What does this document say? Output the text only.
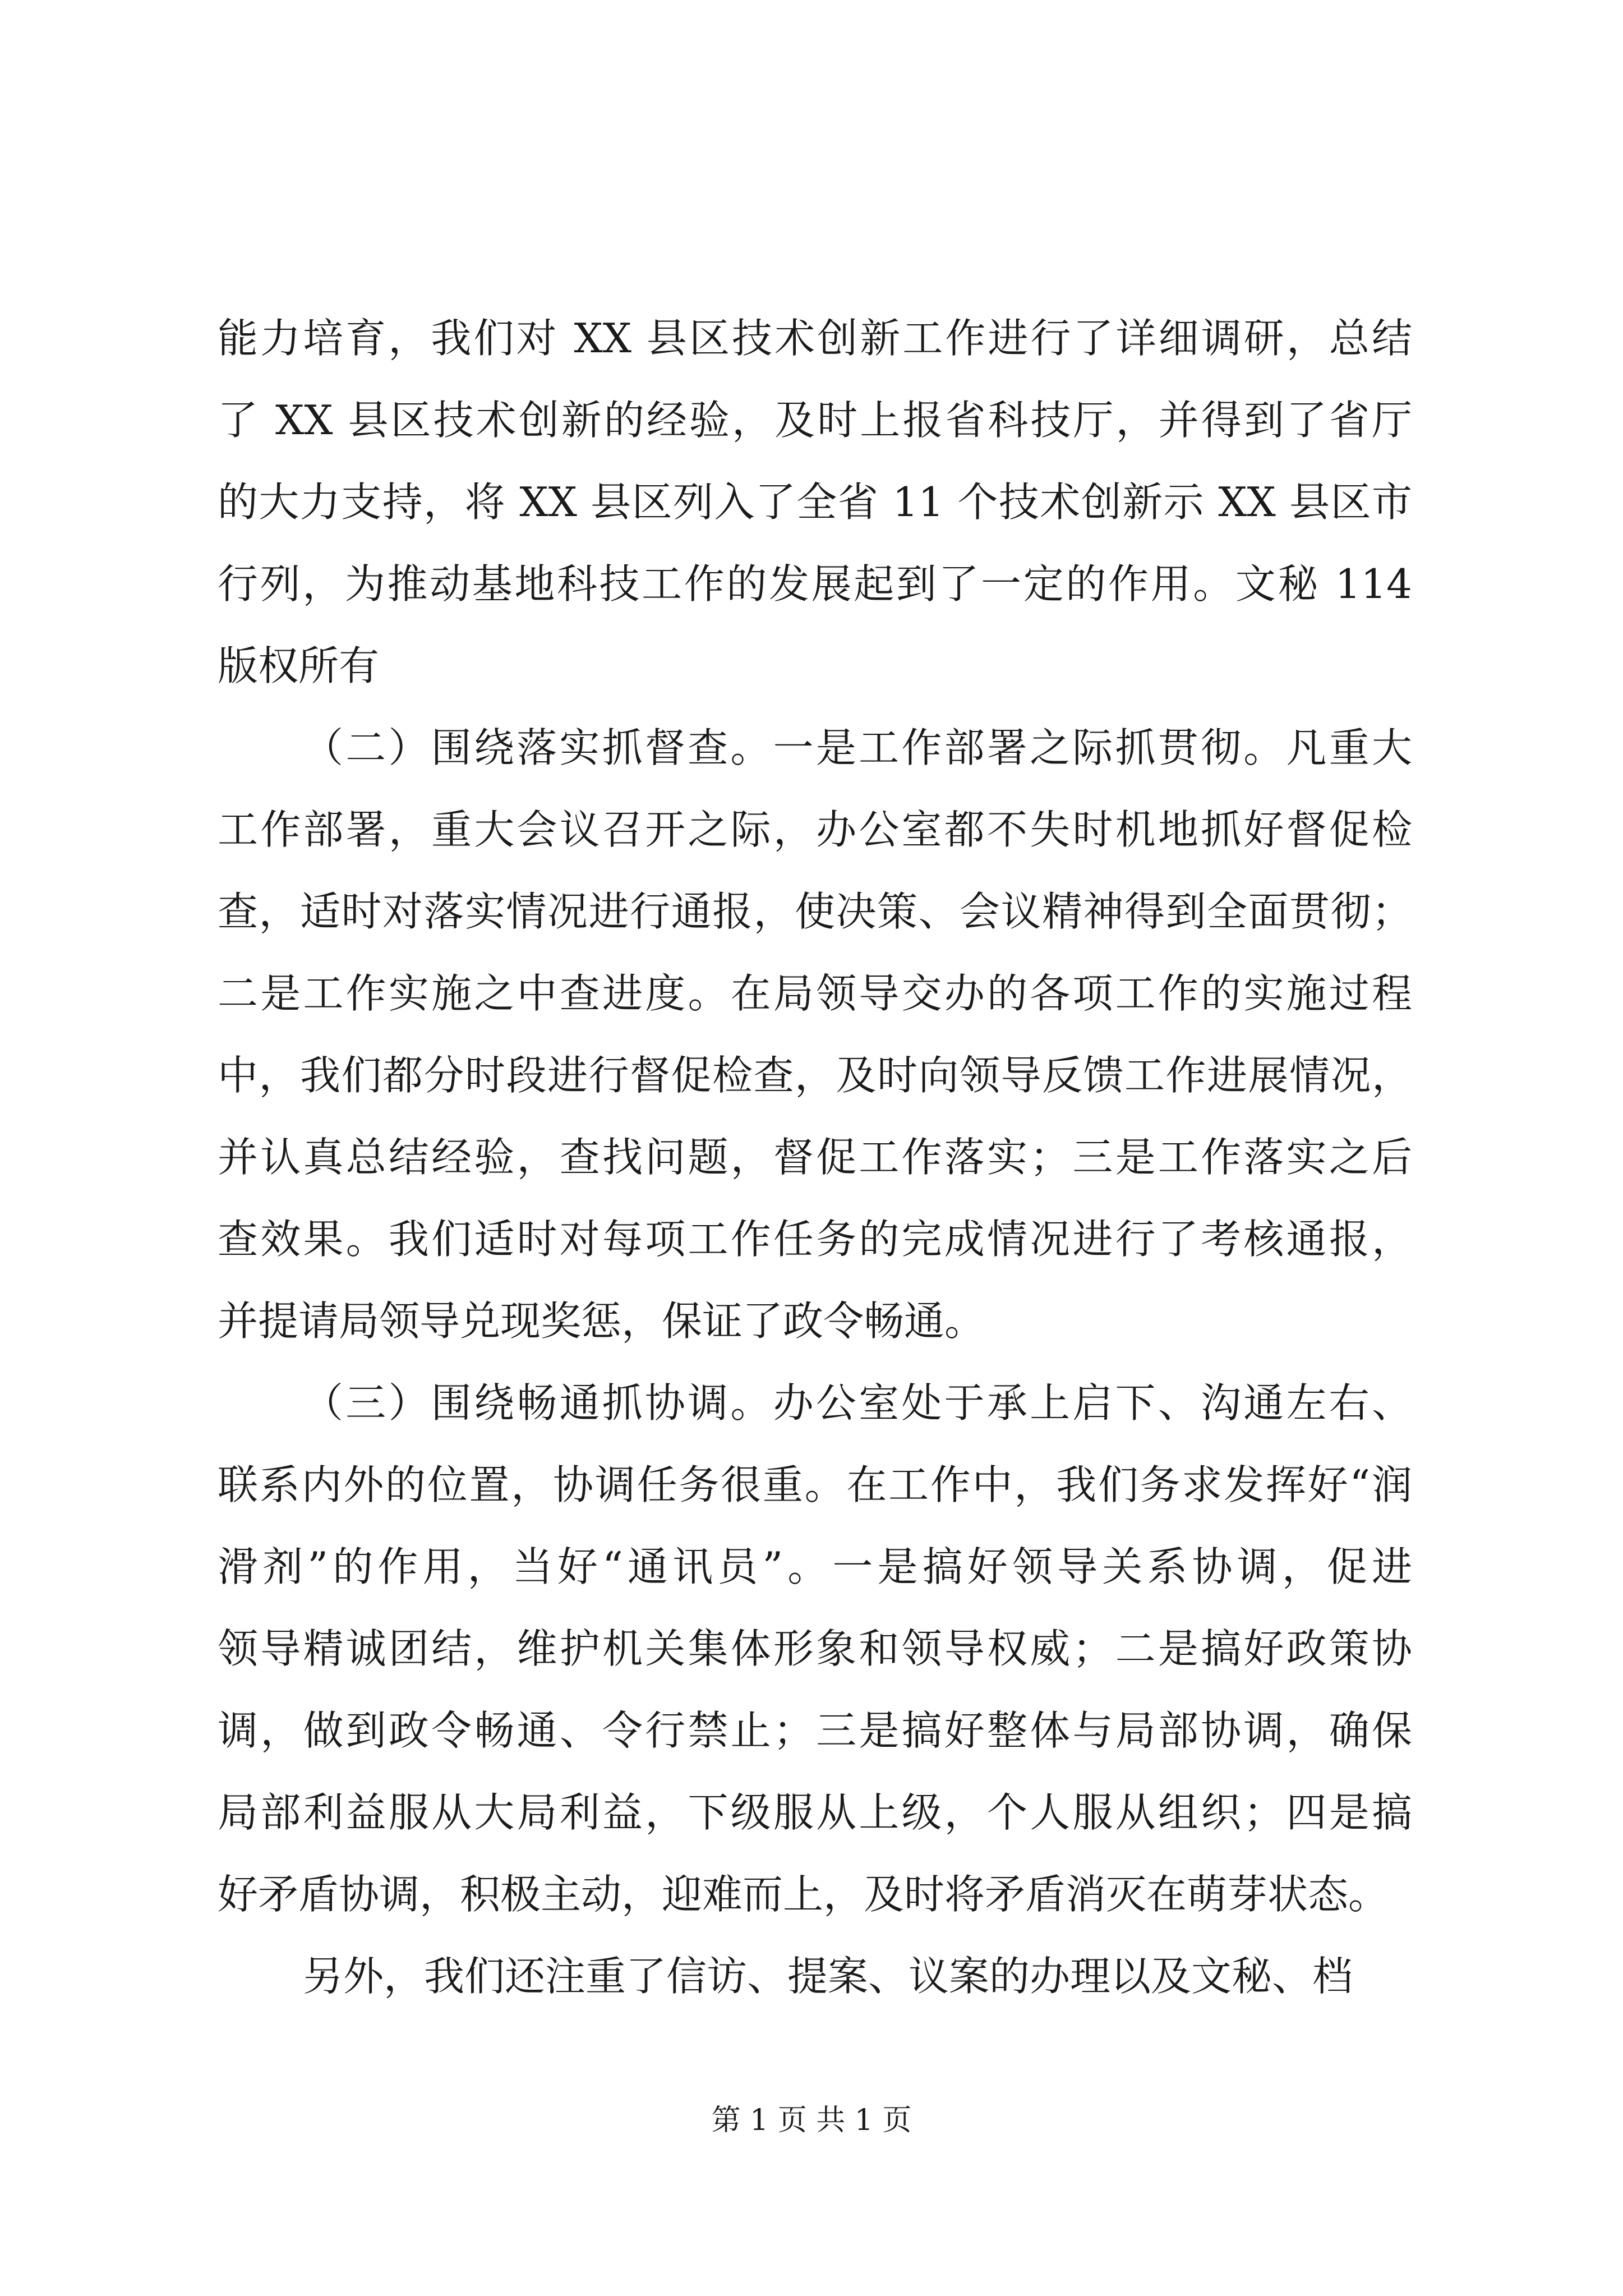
能力培育，我们对 XX 县区技术创新工作进行了详细调研，总结
了 XX 县区技术创新的经验，及时上报省科技厅，并得到了省厅
的大力支持，将 XX 县区列入了全省 11 个技术创新示 XX 县区市
行列，为推动基地科技工作的发展起到了一定的作用。文秘 114
版权所有
（二）围绕落实抓督查。一是工作部署之际抓贯彻。凡重大
工作部署，重大会议召开之际，办公室都不失时机地抓好督促检
查，适时对落实情况进行通报，使决策、会议精神得到全面贯彻；
二是工作实施之中查进度。在局领导交办的各项工作的实施过程
中，我们都分时段进行督促检查，及时向领导反馈工作进展情况，
并认真总结经验，查找问题，督促工作落实；三是工作落实之后
查效果。我们适时对每项工作任务的完成情况进行了考核通报，
并提请局领导兑现奖惩，保证了政令畅通。
（三）围绕畅通抓协调。办公室处于承上启下、沟通左右、
联系内外的位置，协调任务很重。在工作中，我们务求发挥好“润
滑剂”的作用，当好“通讯员”。一是搞好领导关系协调，促进
领导精诚团结，维护机关集体形象和领导权威；二是搞好政策协
调，做到政令畅通、令行禁止；三是搞好整体与局部协调，确保
局部利益服从大局利益，下级服从上级，个人服从组织；四是搞
好矛盾协调，积极主动，迎难而上，及时将矛盾消灭在萌芽状态。
另外，我们还注重了信访、提案、议案的办理以及文秘、档
第 1 页 共 1 页
